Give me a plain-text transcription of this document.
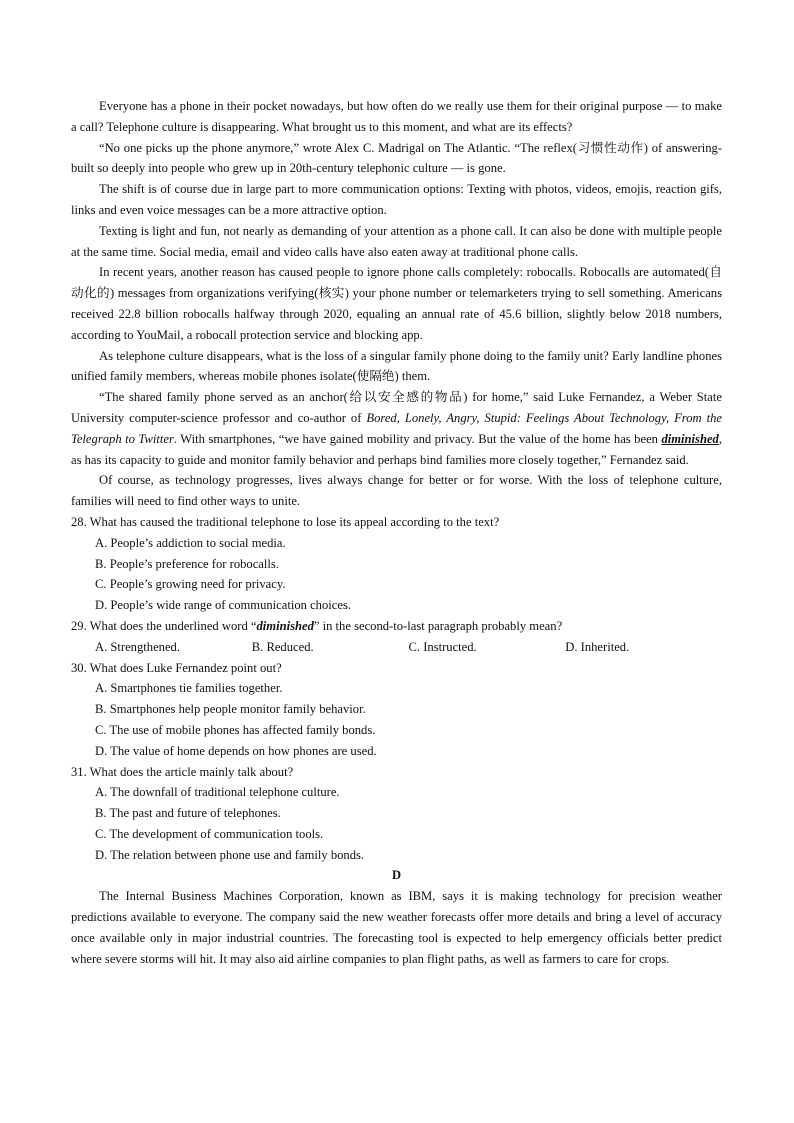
Everyone has a phone in their pocket nowadays, but how often do we really use them for their original purpose — to make a call? Telephone culture is disappearing. What brought us to this moment, and what are its effects?

“No one picks up the phone anymore,” wrote Alex C. Madrigal on The Atlantic. “The reflex(习惯性动作) of answering-built so deeply into people who grew up in 20th-century telephonic culture — is gone.

The shift is of course due in large part to more communication options: Texting with photos, videos, emojis, reaction gifs, links and even voice messages can be a more attractive option.

Texting is light and fun, not nearly as demanding of your attention as a phone call. It can also be done with multiple people at the same time. Social media, email and video calls have also eaten away at traditional phone calls.

In recent years, another reason has caused people to ignore phone calls completely: robocalls. Robocalls are automated(自动化的) messages from organizations verifying(核实) your phone number or telemarketers trying to sell something. Americans received 22.8 billion robocalls halfway through 2020, equaling an annual rate of 45.6 billion, slightly below 2018 numbers, according to YouMail, a robocall protection service and blocking app.

As telephone culture disappears, what is the loss of a singular family phone doing to the family unit? Early landline phones unified family members, whereas mobile phones isolate(使隔绝) them.

“The shared family phone served as an anchor(给以安全感的物品) for home,” said Luke Fernandez, a Weber State University computer-science professor and co-author of Bored, Lonely, Angry, Stupid: Feelings About Technology, From the Telegraph to Twitter. With smartphones, “we have gained mobility and privacy. But the value of the home has been diminished, as has its capacity to guide and monitor family behavior and perhaps bind families more closely together,” Fernandez said.

Of course, as technology progresses, lives always change for better or for worse. With the loss of telephone culture, families will need to find other ways to unite.

28. What has caused the traditional telephone to lose its appeal according to the text?

A. People’s addiction to social media.

B. People’s preference for robocalls.

C. People’s growing need for privacy.

D. People’s wide range of communication choices.

29. What does the underlined word “diminished” in the second-to-last paragraph probably mean?

A. Strengthened.	B. Reduced.	C. Instructed.	D. Inherited.

30. What does Luke Fernandez point out?

A. Smartphones tie families together.

B. Smartphones help people monitor family behavior.

C. The use of mobile phones has affected family bonds.

D. The value of home depends on how phones are used.

31. What does the article mainly talk about?

A. The downfall of traditional telephone culture.

B. The past and future of telephones.

C. The development of communication tools.

D. The relation between phone use and family bonds.

D

The Internal Business Machines Corporation, known as IBM, says it is making technology for precision weather predictions available to everyone. The company said the new weather forecasts offer more details and bring a level of accuracy once available only in major industrial countries. The forecasting tool is expected to help emergency officials better predict where severe storms will hit. It may also aid airline companies to plan flight paths, as well as farmers to care for crops.
